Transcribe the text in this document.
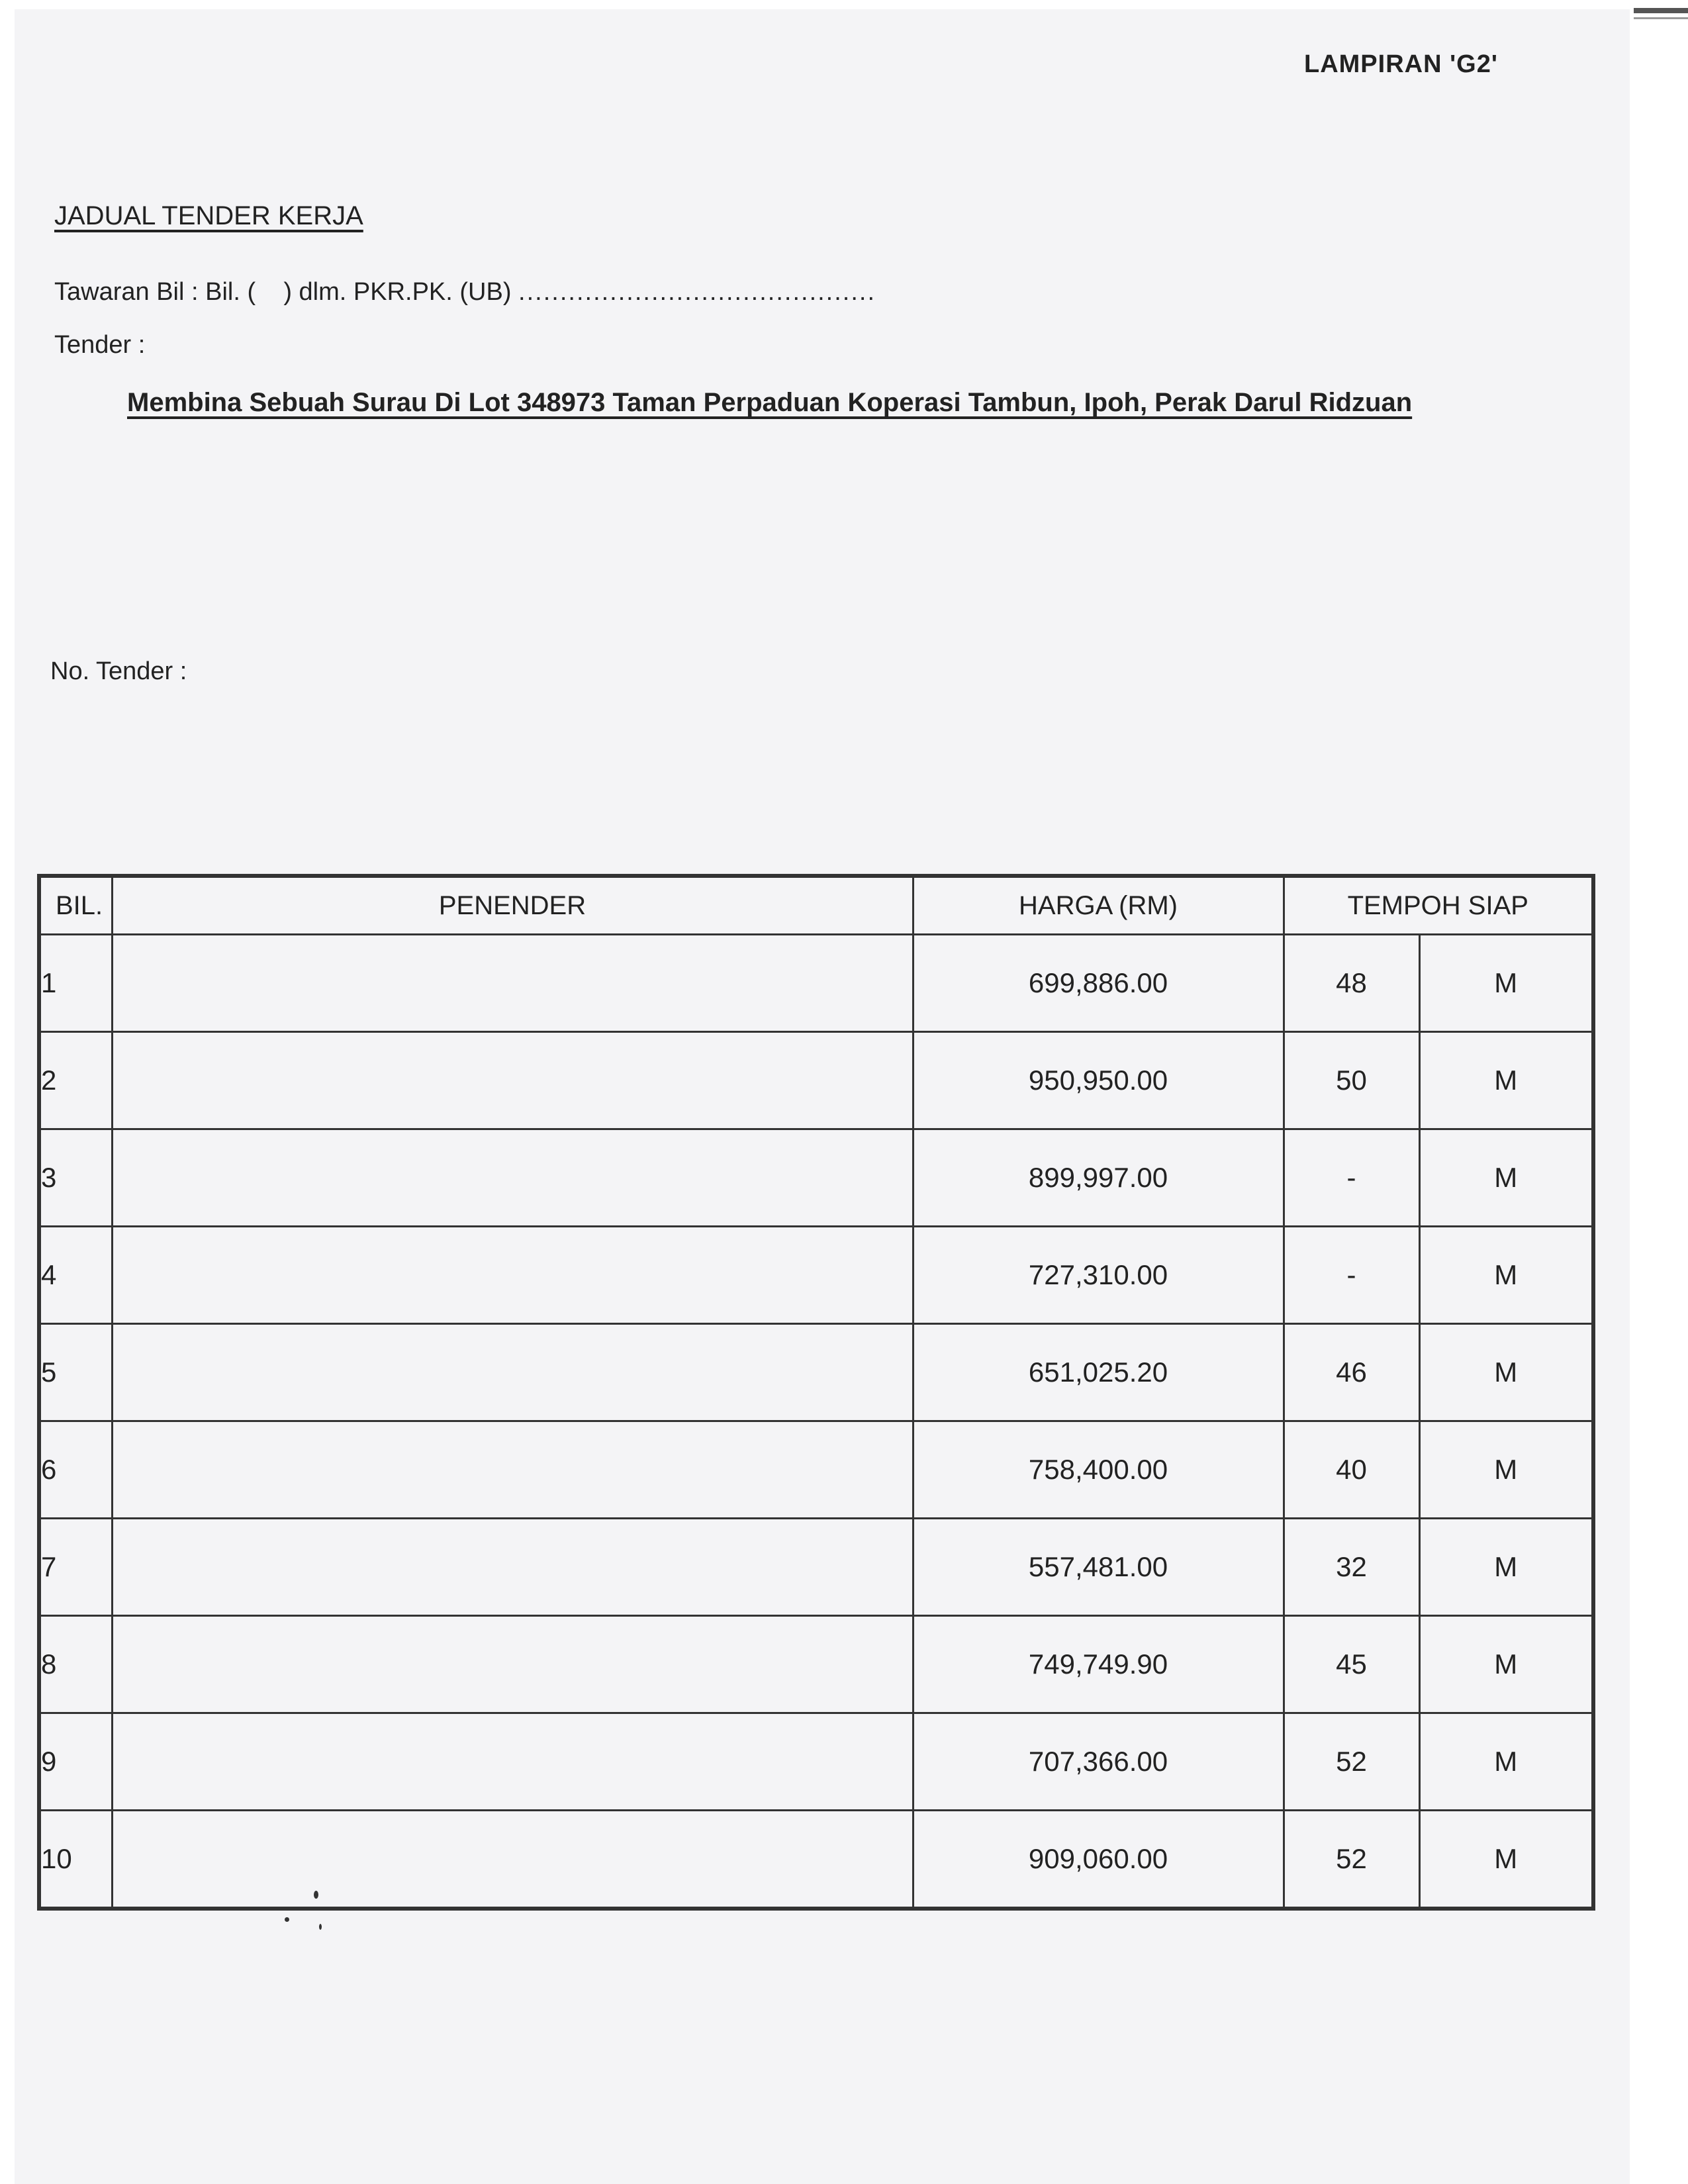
LAMPIRAN 'G2'
JADUAL TENDER KERJA
Tawaran Bil : Bil. (    ) dlm. PKR.PK. (UB) ...........................................
Tender :
Membina Sebuah Surau Di Lot 348973 Taman Perpaduan Koperasi Tambun, Ipoh, Perak Darul Ridzuan
No. Tender :
BIL.	PENENDER	HARGA (RM)	TEMPOH SIAP	
1		699,886.00	48	M
2		950,950.00	50	M
3		899,997.00	-	M
4		727,310.00	-	M
5		651,025.20	46	M
6		758,400.00	40	M
7		557,481.00	32	M
8		749,749.90	45	M
9		707,366.00	52	M
10		909,060.00	52	M
